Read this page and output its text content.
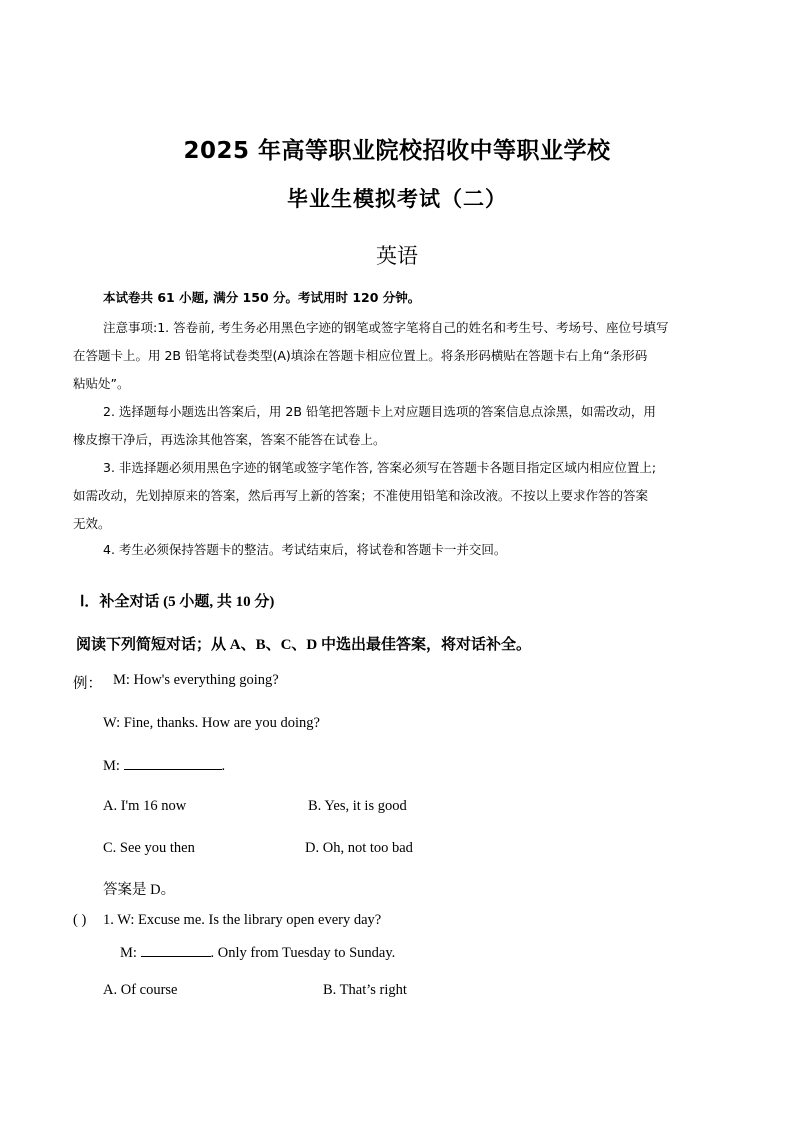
2025 年高等职业院校招收中等职业学校
毕业生模拟考试（二）
英语
本试卷共 61 小题, 满分 150 分。考试用时 120 分钟。
注意事项:1. 答卷前, 考生务必用黑色字迹的钢笔或签字笔将自己的姓名和考生号、考场号、座位号填写
在答题卡上。用 2B 铅笔将试卷类型(A)填涂在答题卡相应位置上。将条形码横贴在答题卡右上角“条形码
粘贴处”。
2. 选择题每小题选出答案后，用 2B 铅笔把答题卡上对应题目选项的答案信息点涂黑，如需改动，用
橡皮擦干净后，再选涂其他答案，答案不能答在试卷上。
3. 非选择题必须用黑色字迹的钢笔或签字笔作答, 答案必须写在答题卡各题目指定区域内相应位置上;
如需改动，先划掉原来的答案，然后再写上新的答案；不准使用铅笔和涂改液。不按以上要求作答的答案
无效。
4. 考生必须保持答题卡的整洁。考试结束后，将试卷和答题卡一并交回。
Ⅰ．补全对话 (5 小题, 共 10 分)
阅读下列简短对话；从 A、B、C、D 中选出最佳答案，将对话补全。
例： M: How's everything going?
W: Fine, thanks. How are you doing?
M:	.
A. I'm 16 now	B. Yes, it is good
C. See you then	D. Oh, not too bad
答案是 D。
( ) 1. W: Excuse me. Is the library open every day?
M:	. Only from Tuesday to Sunday.
A. Of course	B. That’s right
